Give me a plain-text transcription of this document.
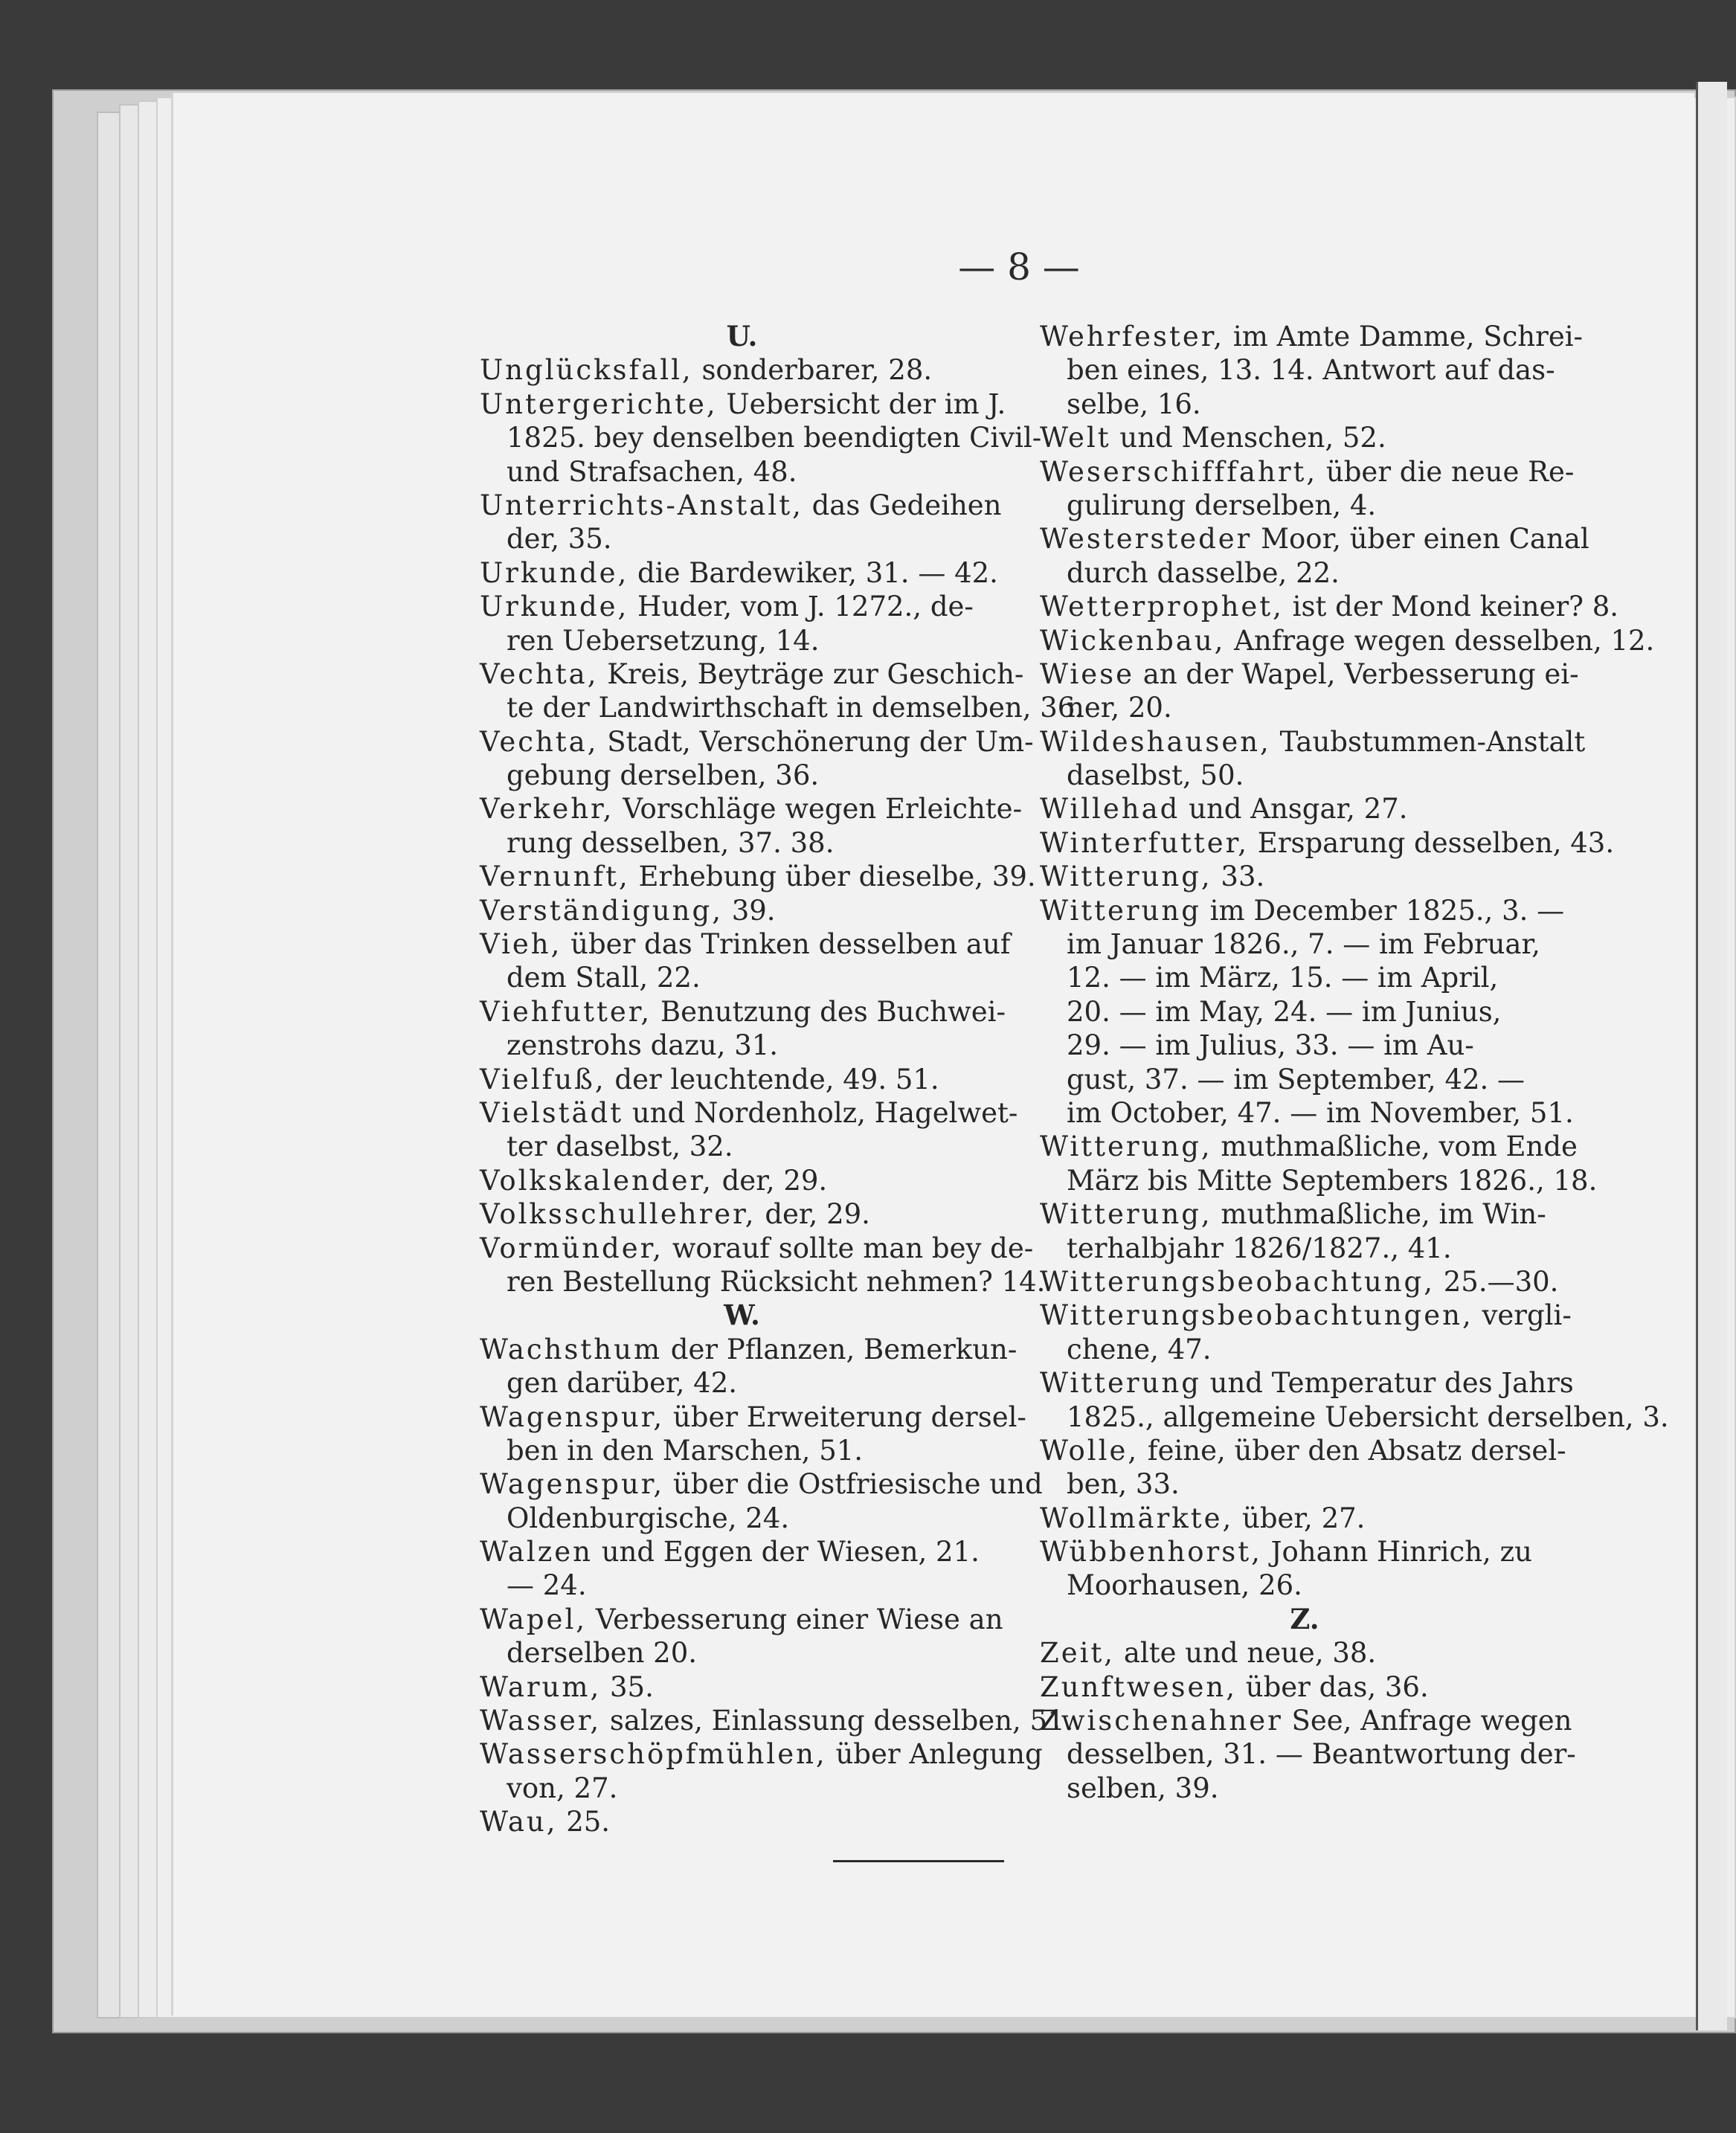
— 8 —
U.
Unglücksfall, sonderbarer, 28.
Untergerichte, Uebersicht der im J.
1825. bey denselben beendigten Civil-
und Strafsachen, 48.
Unterrichts-Anstalt, das Gedeihen
der, 35.
Urkunde, die Bardewiker, 31. — 42.
Urkunde, Huder, vom J. 1272., de-
ren Uebersetzung, 14.
Vechta, Kreis, Beyträge zur Geschich-
te der Landwirthschaft in demselben, 36.
Vechta, Stadt, Verschönerung der Um-
gebung derselben, 36.
Verkehr, Vorschläge wegen Erleichte-
rung desselben, 37. 38.
Vernunft, Erhebung über dieselbe, 39.
Verständigung, 39.
Vieh, über das Trinken desselben auf
dem Stall, 22.
Viehfutter, Benutzung des Buchwei-
zenstrohs dazu, 31.
Vielfuß, der leuchtende, 49. 51.
Vielstädt und Nordenholz, Hagelwet-
ter daselbst, 32.
Volkskalender, der, 29.
Volksschullehrer, der, 29.
Vormünder, worauf sollte man bey de-
ren Bestellung Rücksicht nehmen? 14.
W.
Wachsthum der Pflanzen, Bemerkun-
gen darüber, 42.
Wagenspur, über Erweiterung dersel-
ben in den Marschen, 51.
Wagenspur, über die Ostfriesische und
Oldenburgische, 24.
Walzen und Eggen der Wiesen, 21.
— 24.
Wapel, Verbesserung einer Wiese an
derselben 20.
Warum, 35.
Wasser, salzes, Einlassung desselben, 51.
Wasserschöpfmühlen, über Anlegung
von, 27.
Wau, 25.
Wehrfester, im Amte Damme, Schrei-
ben eines, 13. 14. Antwort auf das-
selbe, 16.
Welt und Menschen, 52.
Weserschifffahrt, über die neue Re-
gulirung derselben, 4.
Westersteder Moor, über einen Canal
durch dasselbe, 22.
Wetterprophet, ist der Mond keiner? 8.
Wickenbau, Anfrage wegen desselben, 12.
Wiese an der Wapel, Verbesserung ei-
ner, 20.
Wildeshausen, Taubstummen-Anstalt
daselbst, 50.
Willehad und Ansgar, 27.
Winterfutter, Ersparung desselben, 43.
Witterung, 33.
Witterung im December 1825., 3. —
im Januar 1826., 7. — im Februar,
12. — im März, 15. — im April,
20. — im May, 24. — im Junius,
29. — im Julius, 33. — im Au-
gust, 37. — im September, 42. —
im October, 47. — im November, 51.
Witterung, muthmaßliche, vom Ende
März bis Mitte Septembers 1826., 18.
Witterung, muthmaßliche, im Win-
terhalbjahr 1826/1827., 41.
Witterungsbeobachtung, 25.—30.
Witterungsbeobachtungen, vergli-
chene, 47.
Witterung und Temperatur des Jahrs
1825., allgemeine Uebersicht derselben, 3.
Wolle, feine, über den Absatz dersel-
ben, 33.
Wollmärkte, über, 27.
Wübbenhorst, Johann Hinrich, zu
Moorhausen, 26.
Z.
Zeit, alte und neue, 38.
Zunftwesen, über das, 36.
Zwischenahner See, Anfrage wegen
desselben, 31. — Beantwortung der-
selben, 39.
